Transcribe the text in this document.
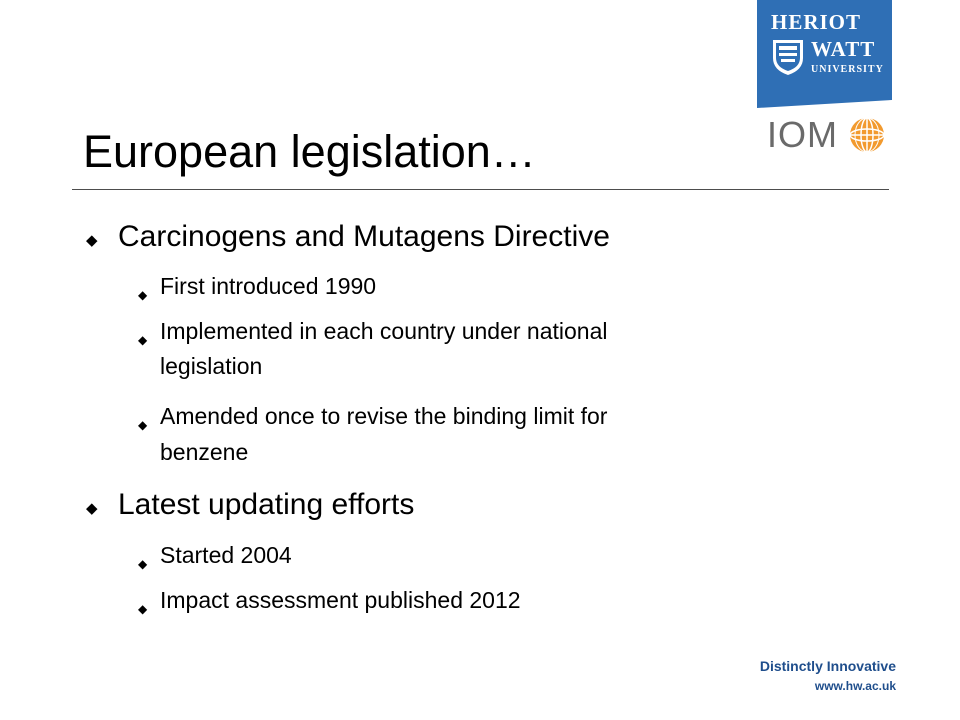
HERIOT
WATT
UNIVERSITY
IOM
European legislation…
◆ Carcinogens and Mutagens Directive
◆ First introduced 1990
◆ Implemented in each country under national
legislation
◆ Amended once to revise the binding limit for
benzene
◆ Latest updating efforts
◆ Started 2004
◆ Impact assessment published 2012
Distinctly Innovative
www.hw.ac.uk
